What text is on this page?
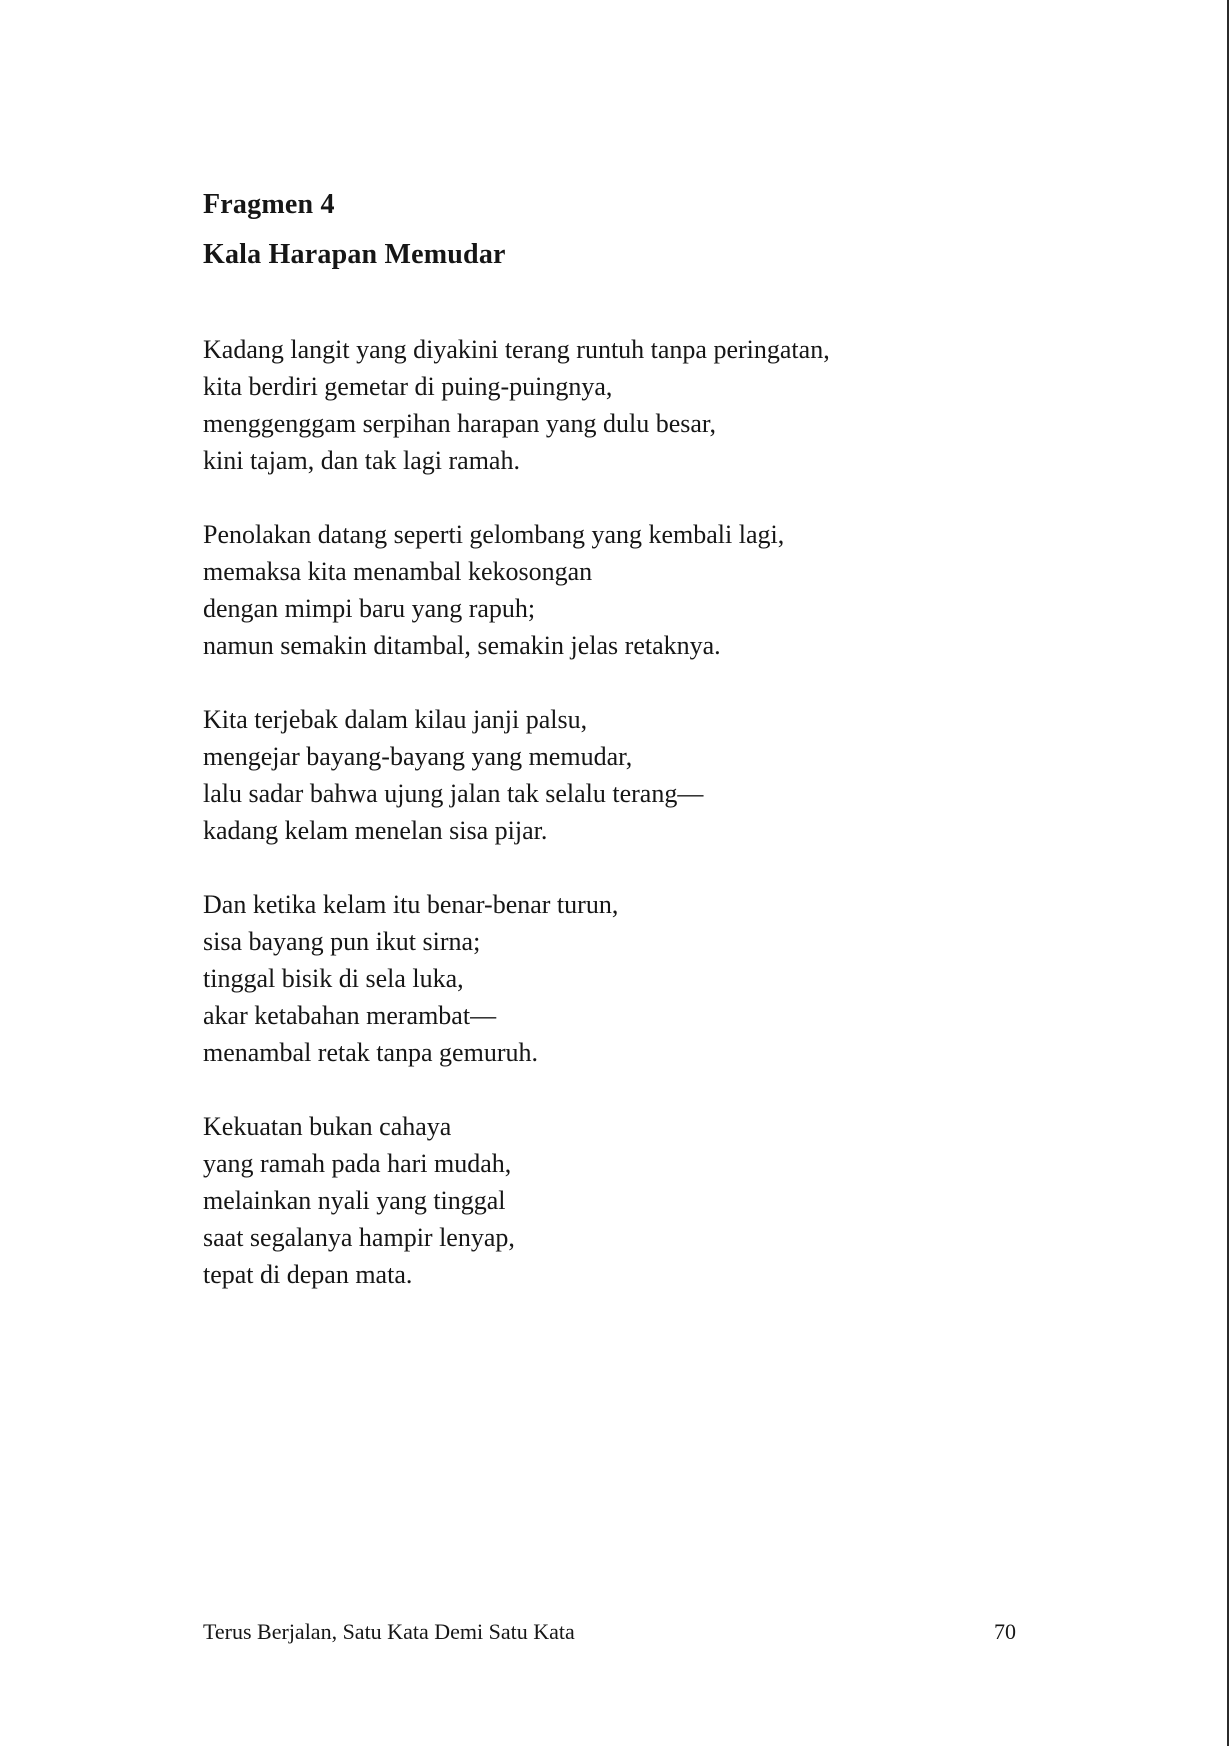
Fragmen 4
Kala Harapan Memudar

Kadang langit yang diyakini terang runtuh tanpa peringatan,

kita berdiri gemetar di puing-puingnya,

menggenggam serpihan harapan yang dulu besar,

kini tajam, dan tak lagi ramah.

Penolakan datang seperti gelombang yang kembali lagi,

memaksa kita menambal kekosongan

dengan mimpi baru yang rapuh;

namun semakin ditambal, semakin jelas retaknya.

Kita terjebak dalam kilau janji palsu,

mengejar bayang-bayang yang memudar,

lalu sadar bahwa ujung jalan tak selalu terang—

kadang kelam menelan sisa pijar.

Dan ketika kelam itu benar-benar turun,

sisa bayang pun ikut sirna;

tinggal bisik di sela luka,

akar ketabahan merambat—

menambal retak tanpa gemuruh.

Kekuatan bukan cahaya

yang ramah pada hari mudah,

melainkan nyali yang tinggal

saat segalanya hampir lenyap,

tepat di depan mata.

Terus Berjalan, Satu Kata Demi Satu Kata	70
